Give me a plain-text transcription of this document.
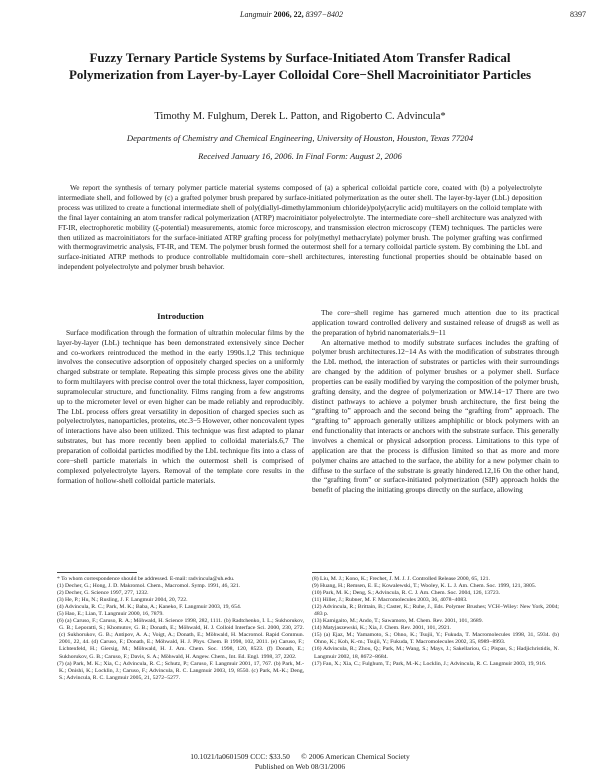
Langmuir 2006, 22, 8397−8402	8397
Fuzzy Ternary Particle Systems by Surface-Initiated Atom Transfer Radical Polymerization from Layer-by-Layer Colloidal Core−Shell Macroinitiator Particles
Timothy M. Fulghum, Derek L. Patton, and Rigoberto C. Advincula*
Departments of Chemistry and Chemical Engineering, University of Houston, Houston, Texas 77204
Received January 16, 2006. In Final Form: August 2, 2006

We report the synthesis of ternary polymer particle material systems composed of (a) a spherical colloidal particle core, coated with (b) a polyelectrolyte intermediate shell, and followed by (c) a grafted polymer brush prepared by surface-initiated polymerization as the outer shell. The layer-by-layer (LbL) deposition process was utilized to create a functional intermediate shell of poly(diallyl-dimethylammonium chloride)/poly(acrylic acid) multilayers on the colloid template with the final layer containing an atom transfer radical polymerization (ATRP) macroinitiator polyelectrolyte. The intermediate core−shell architecture was analyzed with FT-IR, electrophoretic mobility (ζ-potential) measurements, atomic force microscopy, and transmission electron microscopy (TEM) techniques. The particles were then utilized as macroinitiators for the surface-initiated ATRP grafting process for poly(methyl methacrylate) polymer brush. The polymer grafting was confirmed with thermogravimetric analysis, FT-IR, and TEM. The polymer brush formed the outermost shell for a ternary colloidal particle system. By combining the LbL and surface-initiated ATRP methods to produce controllable multidomain core−shell architectures, interesting functional properties should be obtainable based on independent polyelectrolyte and polymer brush behavior.

Introduction

Surface modification through the formation of ultrathin molecular films by the layer-by-layer (LbL) technique has been demonstrated extensively since Decher and co-workers reintroduced the method in the early 1990s.1,2 This technique involves the consecutive adsorption of oppositely charged species on a uniformly charged substrate or template. Repeating this simple process gives one the ability to form multilayers with precise control over the total thickness, layer composition, supramolecular structure, and functionality. Films ranging from a few angstroms up to the micrometer level or even higher can be made reliably and reproducibly. The LbL process offers great versatility in deposition of charged species such as polyelectrolytes, nanoparticles, proteins, etc.3−5 However, other noncovalent types of interactions have also been utilized. This technique was first adapted to planar substrates, but has more recently been applied to colloidal materials.6,7 The preparation of colloidal particles modified by the LbL technique fits into a class of core−shell particle materials in which the outermost shell is comprised of complexed polyelectrolyte layers. Removal of the template core results in the formation of hollow-shell colloidal particle materials.

The core−shell regime has garnered much attention due to its practical application toward controlled delivery and sustained release of drugs8 as well as the preparation of hybrid nanomaterials.9−11

An alternative method to modify substrate surfaces includes the grafting of polymer brush architectures.12−14 As with the modification of substrates through the LbL method, the interaction of substrates or particles with their surroundings are changed by the addition of polymer brushes or a polymer shell. Surface properties can be easily modified by varying the composition of the polymer brush, grafting density, and the degree of polymerization or MW.14−17 There are two distinct pathways to achieve a polymer brush architecture, the first being the “grafting to” approach and the second being the “grafting from” approach. The “grafting to” approach generally utilizes amphiphilic or block polymers with an end functionality that interacts or anchors with the substrate surface. This generally involves a chemical or physical adsorption process. Limitations to this type of application are that the process is diffusion limited so that as more and more polymer chains are attached to the surface, the ability for a new polymer chain to diffuse to the surface of the substrate is greatly hindered.12,16 On the other hand, the “grafting from” or surface-initiated polymerization (SIP) approach holds the benefit of placing the initiating groups directly on the surface, allowing

* To whom correspondence should be addressed. E-mail: radvincula@uh.edu.
(1) Decher, G.; Hong, J. D. Makromol. Chem., Macromol. Symp. 1991, 46, 321.
(2) Decher, G. Science 1997, 277, 1232.
(3) He, P.; Hu, N.; Rusling, J. F. Langmuir 2004, 20, 722.
(4) Advincula, R. C.; Park, M. K.; Baba, A.; Kaneko, F. Langmuir 2003, 19, 654.
(5) Hao, E.; Lian, T. Langmuir 2000, 16, 7879.
(6) (a) Caruso, F.; Caruso, R. A.; Möhwald, H. Science 1998, 282, 1111. (b) Radtchenko, I. L.; Sukhorukov, G. B.; Leporatti, S.; Khomutov, G. B.; Donath, E.; Möhwald, H. J. Colloid Interface Sci. 2000, 230, 272. (c) Sukhorukov, G. B.; Antipov, A. A.; Voigt, A.; Donath, E.; Möhwald, H. Macromol. Rapid Commun. 2001, 22, 44. (d) Caruso, F.; Donath, E.; Möhwald, H. J. Phys. Chem. B 1998, 102, 2011. (e) Caruso, F.; Lichtenfeld, H.; Giersig, M.; Möhwald, H. J. Am. Chem. Soc. 1998, 120, 8523. (f) Donath, E.; Sukhorukov, G. B.; Caruso, F.; Davis, S. A.; Möhwald, H. Angew. Chem., Int. Ed. Engl. 1998, 37, 2202.
(7) (a) Park, M. K.; Xia, C.; Advincula, R. C.; Schutz, P.; Caruso, F. Langmuir 2001, 17, 767. (b) Park, M.-K.; Onishi, K.; Locklin, J.; Caruso, F.; Advincula, R. C. Langmuir 2003, 19, 8550. (c) Park, M.-K.; Deng, S.; Advincula, R. C. Langmuir 2005, 21, 5272−5277.
(8) Liu, M. J.; Kono, K.; Frechet, J. M. J. J. Controlled Release 2000, 65, 121.
(9) Huang, H.; Remsen, E. E.; Kowalewski, T.; Wooley, K. L. J. Am. Chem. Soc. 1999, 121, 3805.
(10) Park, M. K.; Deng, S.; Advincula, R. C. J. Am. Chem. Soc. 2004, 126, 13723.
(11) Hiller, J.; Rubner, M. F. Macromolecules 2003, 36, 4078−4083.
(12) Advincula, R.; Brittain, B.; Caster, K.; Ruhe, J., Eds. Polymer Brushes; VCH−Wiley: New York, 2004; 483 p.
(13) Kamigaito, M.; Ando, T.; Sawamoto, M. Chem. Rev. 2001, 101, 3689.
(14) Matyjaszewski, K.; Xia, J. Chem. Rev. 2001, 101, 2921.
(15) (a) Ejaz, M.; Yamamoto, S.; Ohno, K.; Tsujii, Y.; Fukuda, T. Macromolecules 1998, 31, 5934. (b) Ohno, K.; Koh, K.-m.; Tsujii, Y.; Fukuda, T. Macromolecules 2002, 35, 8989−8993.
(16) Advincula, R.; Zhou, Q.; Park, M.; Wang, S.; Mays, J.; Sakellariou, G.; Pispas, S.; Hadjichristidis, N. Langmuir 2002, 18, 8672−8684.
(17) Fan, X.; Xia, C.; Fulghum, T.; Park, M.-K.; Locklin, J.; Advincula, R. C. Langmuir 2003, 19, 916.
10.1021/la0601509 CCC: $33.50 © 2006 American Chemical Society
Published on Web 08/31/2006
